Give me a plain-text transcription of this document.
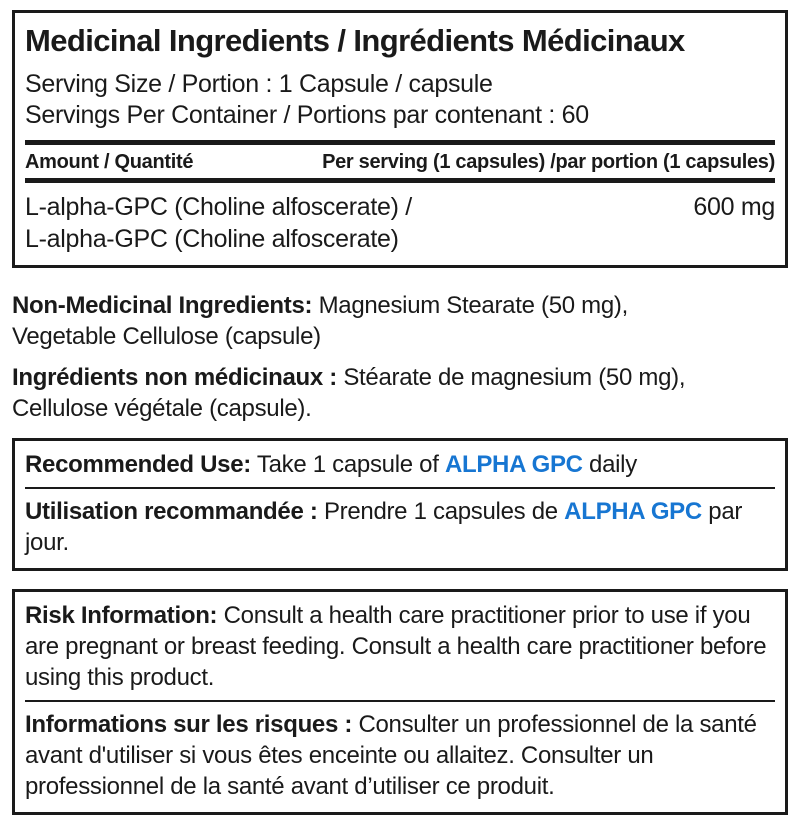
Medicinal Ingredients / Ingrédients Médicinaux

Serving Size / Portion : 1 Capsule / capsule

Servings Per Container / Portions par contenant : 60

Amount / Quantité	Per serving (1 capsules) /par portion (1 capsules)
L-alpha-GPC (Choline alfoscerate) /
L-alpha-GPC (Choline alfoscerate)
600 mg

Non-Medicinal Ingredients: Magnesium Stearate (50 mg), Vegetable Cellulose (capsule)

Ingrédients non médicinaux : Stéarate de magnesium (50 mg), Cellulose végétale (capsule).

Recommended Use: Take 1 capsule of ALPHA GPC daily

Utilisation recommandée : Prendre 1 capsules de ALPHA GPC par jour.

Risk Information: Consult a health care practitioner prior to use if you are pregnant or breast feeding. Consult a health care practitioner before using this product.

Informations sur les risques : Consulter un professionnel de la santé avant d'utiliser si vous êtes enceinte ou allaitez. Consulter un professionnel de la santé avant d’utiliser ce produit.
